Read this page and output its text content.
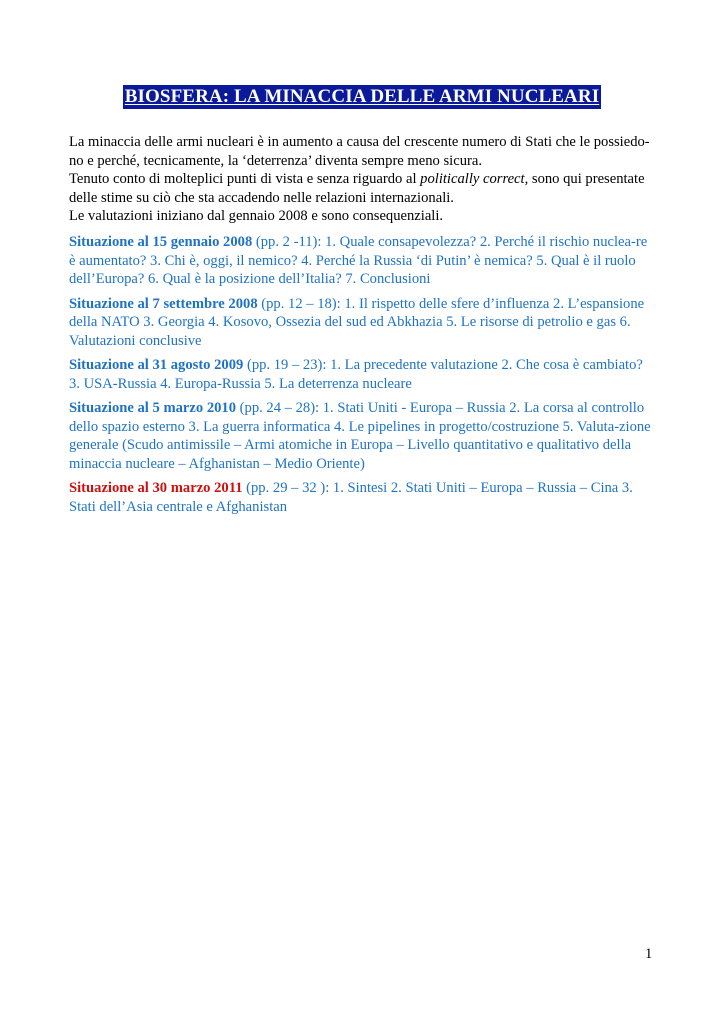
BIOSFERA: LA MINACCIA DELLE ARMI NUCLEARI

La minaccia delle armi nucleari è in aumento a causa del crescente numero di Stati che le possiedo-

no e perché, tecnicamente, la ‘deterrenza’ diventa sempre meno sicura.

Tenuto conto di molteplici punti di vista e senza riguardo al politically correct, sono qui presentate

delle stime su ciò che sta accadendo nelle relazioni internazionali.

Le valutazioni iniziano dal gennaio 2008 e sono consequenziali.

Situazione al 15 gennaio 2008 (pp. 2 -11): 1. Quale consapevolezza? 2. Perché il rischio nuclea-re è aumentato? 3. Chi è, oggi, il nemico? 4. Perché la Russia ‘di Putin’ è nemica? 5. Qual è il ruolo dell’Europa? 6. Qual è la posizione dell’Italia? 7. Conclusioni
Situazione al 7 settembre 2008 (pp. 12 – 18): 1. Il rispetto delle sfere d’influenza 2. L’espansione della NATO 3. Georgia 4. Kosovo, Ossezia del sud ed Abkhazia 5. Le risorse di petrolio e gas 6. Valutazioni conclusive
Situazione al 31 agosto 2009 (pp. 19 – 23): 1. La precedente valutazione 2. Che cosa è cambiato? 3. USA-Russia 4. Europa-Russia 5. La deterrenza nucleare
Situazione al 5 marzo 2010 (pp. 24 – 28): 1. Stati Uniti - Europa – Russia 2. La corsa al controllo dello spazio esterno 3. La guerra informatica 4. Le pipelines in progetto/costruzione 5. Valuta-zione generale (Scudo antimissile – Armi atomiche in Europa – Livello quantitativo e qualitativo della minaccia nucleare – Afghanistan – Medio Oriente)
Situazione al 30 marzo 2011 (pp. 29 – 32 ): 1. Sintesi 2. Stati Uniti – Europa – Russia – Cina 3. Stati dell’Asia centrale e Afghanistan
1
